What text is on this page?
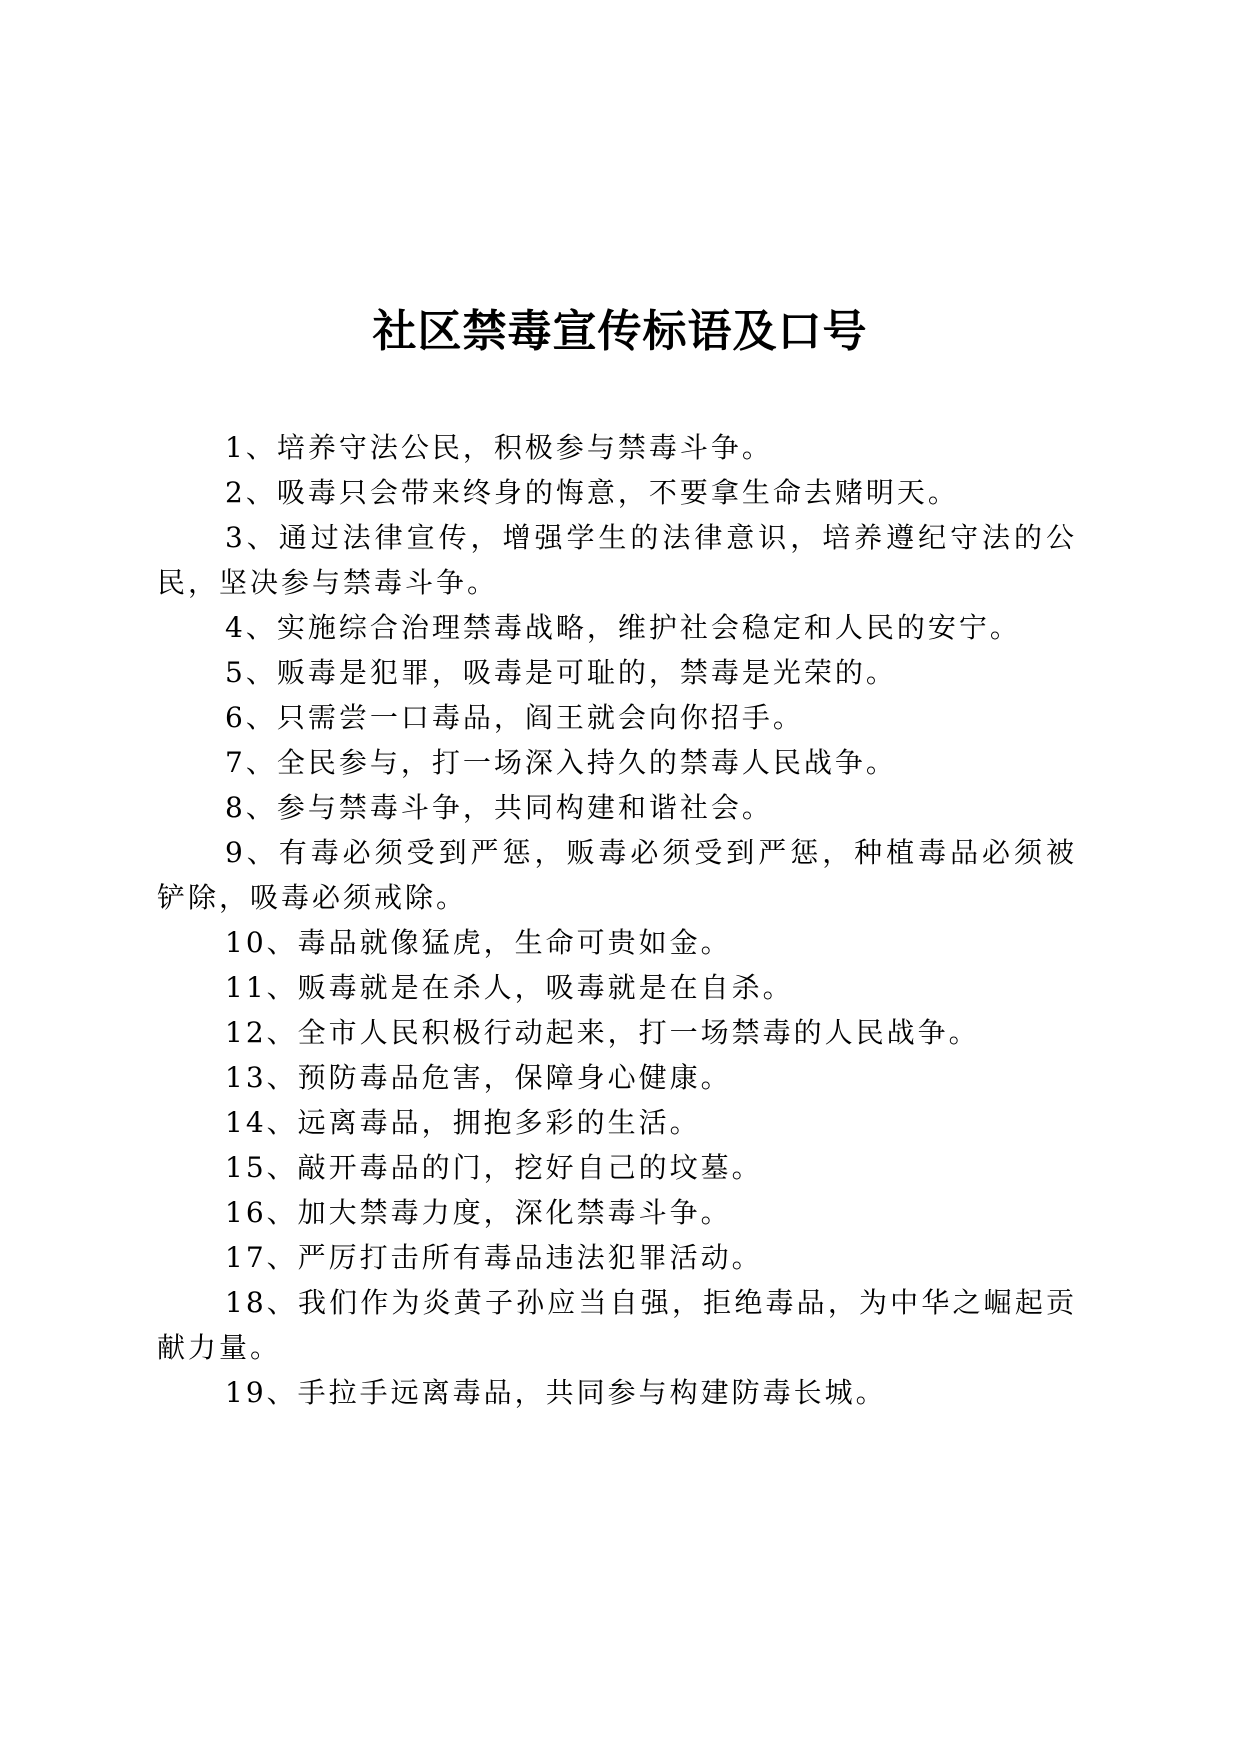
社区禁毒宣传标语及口号
1、培养守法公民，积极参与禁毒斗争。
2、吸毒只会带来终身的悔意，不要拿生命去赌明天。
3、通过法律宣传，增强学生的法律意识，培养遵纪守法的公民，坚决参与禁毒斗争。
4、实施综合治理禁毒战略，维护社会稳定和人民的安宁。
5、贩毒是犯罪，吸毒是可耻的，禁毒是光荣的。
6、只需尝一口毒品，阎王就会向你招手。
7、全民参与，打一场深入持久的禁毒人民战争。
8、参与禁毒斗争，共同构建和谐社会。
9、有毒必须受到严惩，贩毒必须受到严惩，种植毒品必须被铲除，吸毒必须戒除。
10、毒品就像猛虎，生命可贵如金。
11、贩毒就是在杀人，吸毒就是在自杀。
12、全市人民积极行动起来，打一场禁毒的人民战争。
13、预防毒品危害，保障身心健康。
14、远离毒品，拥抱多彩的生活。
15、敲开毒品的门，挖好自己的坟墓。
16、加大禁毒力度，深化禁毒斗争。
17、严厉打击所有毒品违法犯罪活动。
18、我们作为炎黄子孙应当自强，拒绝毒品，为中华之崛起贡献力量。
19、手拉手远离毒品，共同参与构建防毒长城。
